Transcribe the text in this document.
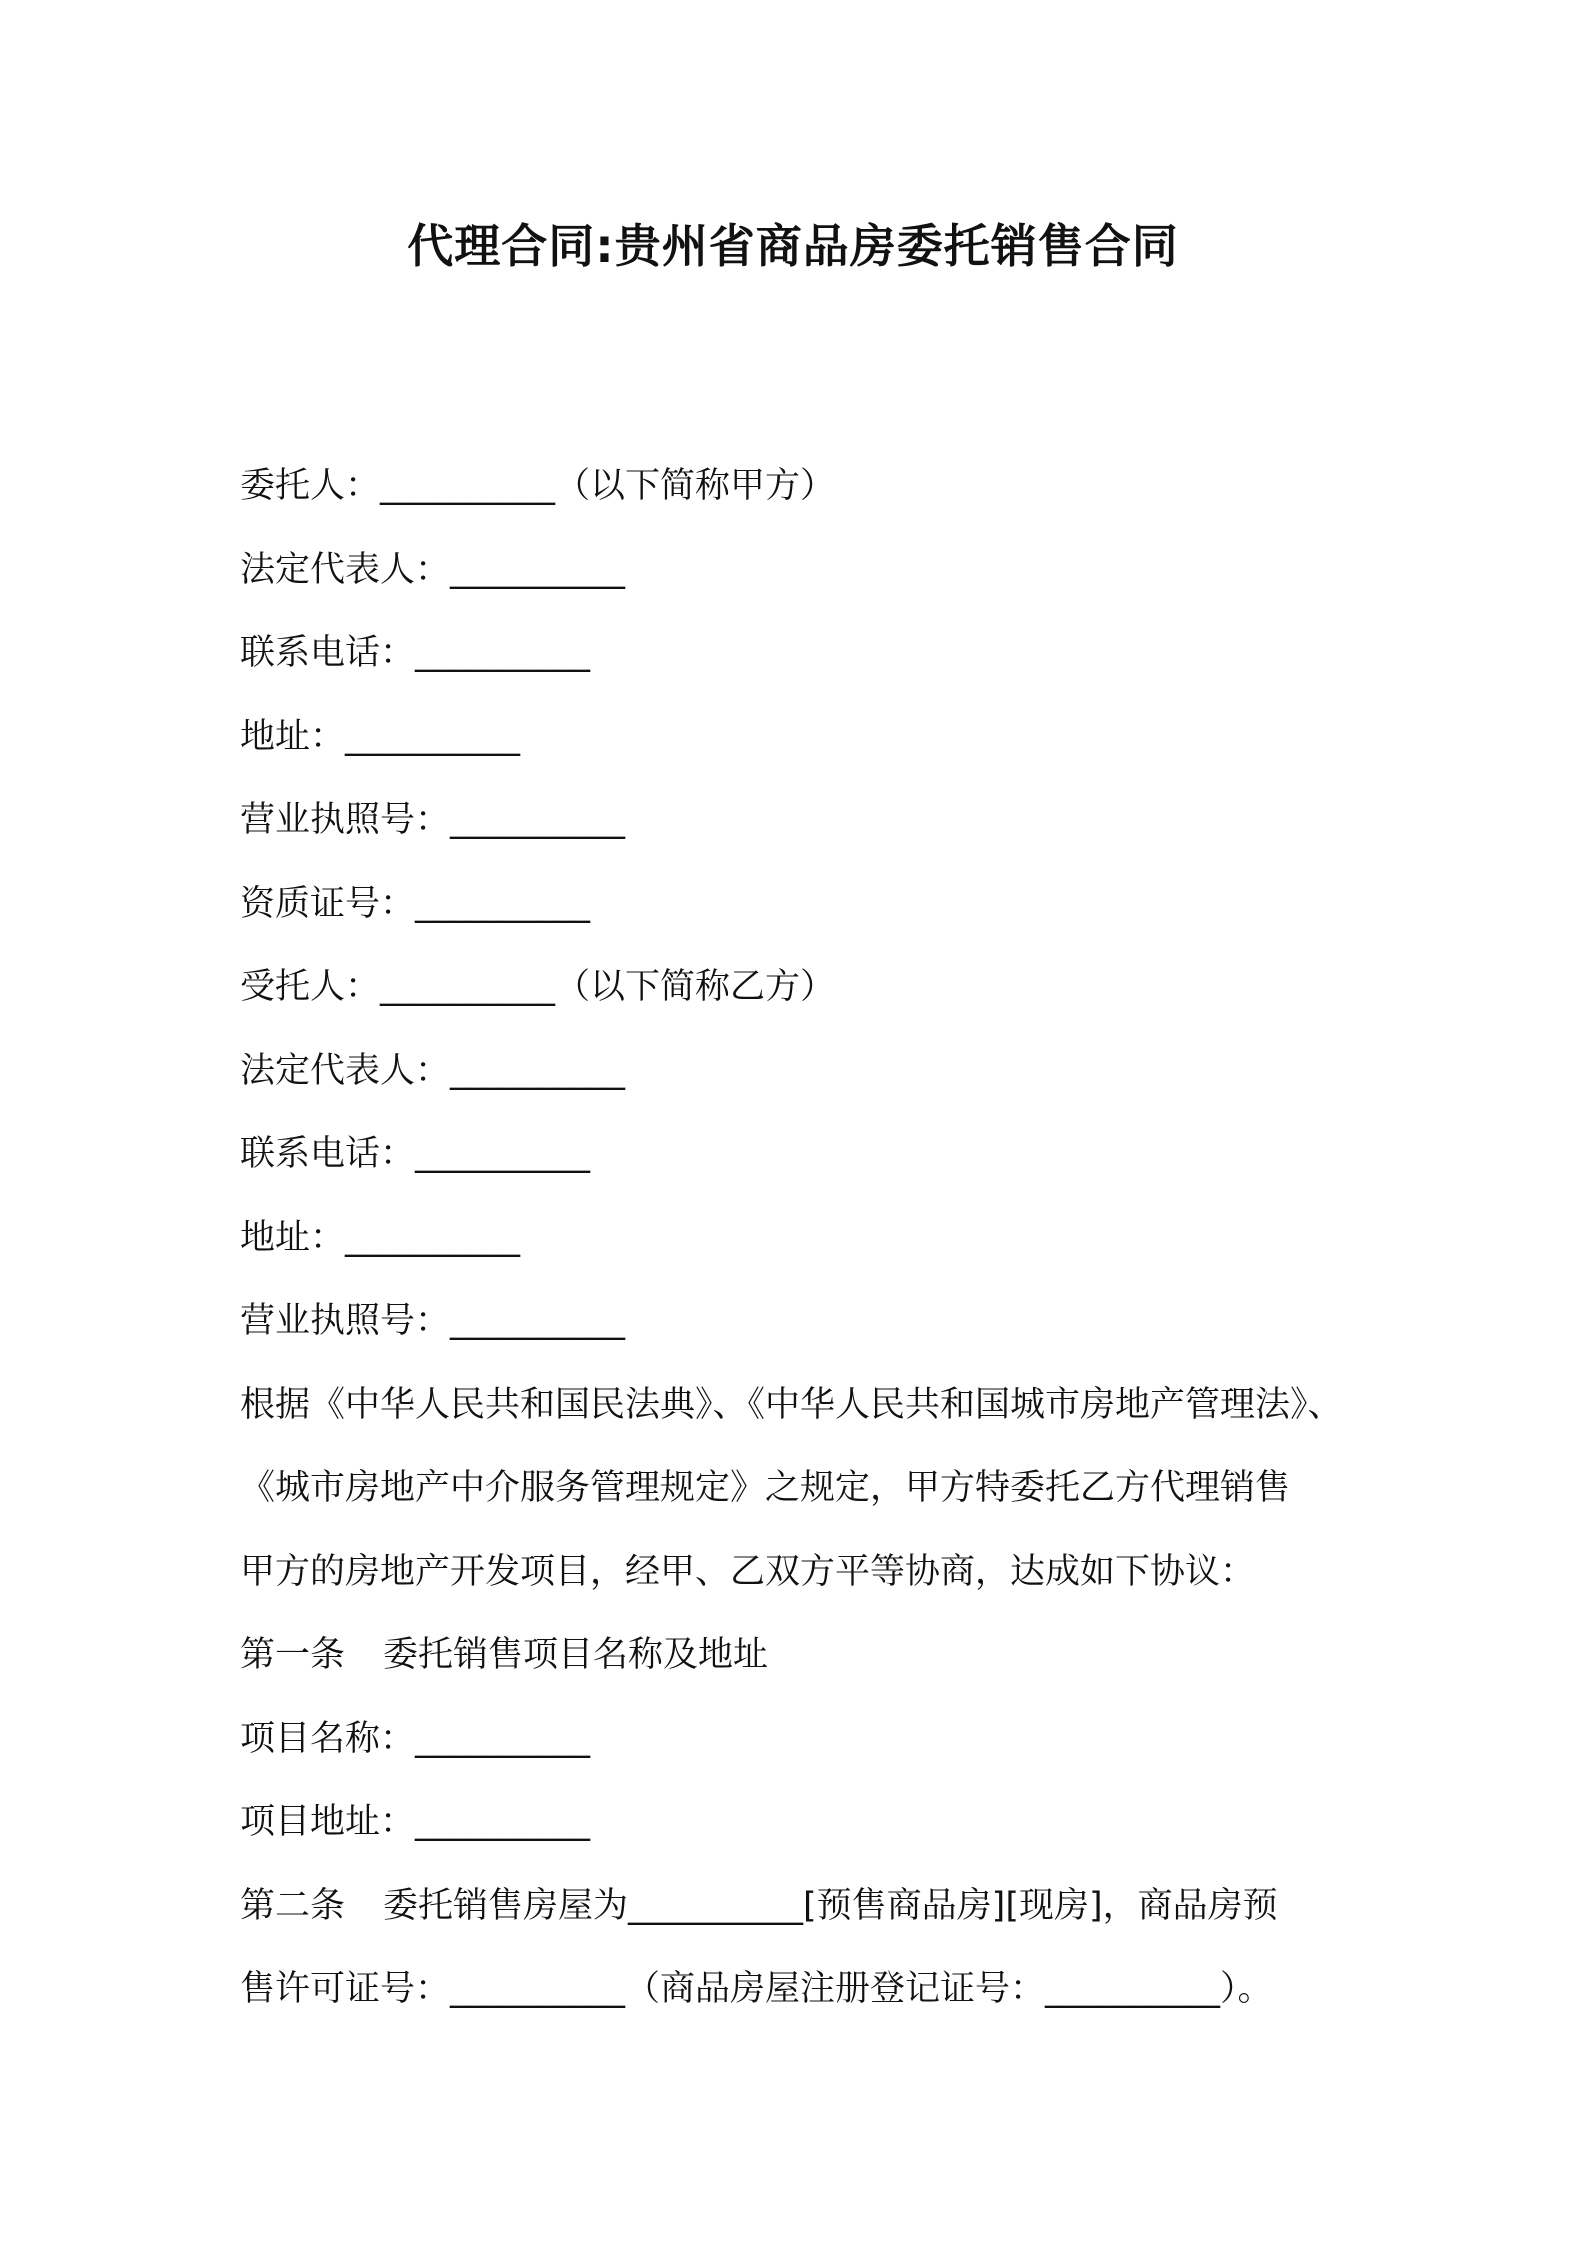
代理合同:贵州省商品房委托销售合同
委托人：__________（以下简称甲方）
法定代表人：__________
联系电话：__________
地址：__________
营业执照号：__________
资质证号：__________
受托人：__________（以下简称乙方）
法定代表人：__________
联系电话：__________
地址：__________
营业执照号：__________
根据《中华人民共和国民法典》、《中华人民共和国城市房地产管理法》、
《城市房地产中介服务管理规定》之规定，甲方特委托乙方代理销售
甲方的房地产开发项目，经甲、乙双方平等协商，达成如下协议：
第一条 委托销售项目名称及地址
项目名称：__________
项目地址：__________
第二条 委托销售房屋为__________[预售商品房][现房]，商品房预
售许可证号：__________（商品房屋注册登记证号：__________）。
